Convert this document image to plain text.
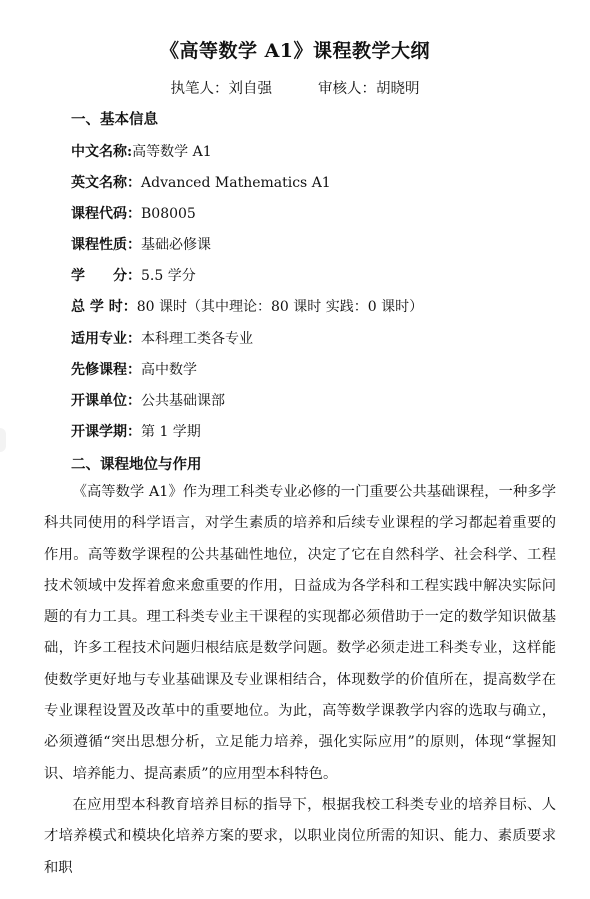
《高等数学 A1》课程教学大纲
执笔人：刘自强	审核人：胡晓明
一、基本信息
中文名称:高等数学 A1
英文名称：Advanced Mathematics A1
课程代码：B08005
课程性质：基础必修课
学　　分：5.5 学分
总 学 时：80 课时（其中理论：80 课时 实践：0 课时）
适用专业：本科理工类各专业
先修课程：高中数学
开课单位：公共基础课部
开课学期：第 1 学期
二、课程地位与作用

《高等数学 A1》作为理工科类专业必修的一门重要公共基础课程，一种多学科共同使用的科学语言，对学生素质的培养和后续专业课程的学习都起着重要的作用。高等数学课程的公共基础性地位，决定了它在自然科学、社会科学、工程技术领域中发挥着愈来愈重要的作用，日益成为各学科和工程实践中解决实际问题的有力工具。理工科类专业主干课程的实现都必须借助于一定的数学知识做基础，许多工程技术问题归根结底是数学问题。数学必须走进工科类专业，这样能使数学更好地与专业基础课及专业课相结合，体现数学的价值所在，提高数学在专业课程设置及改革中的重要地位。为此，高等数学课教学内容的选取与确立，必须遵循“突出思想分析，立足能力培养，强化实际应用”的原则，体现“掌握知识、培养能力、提高素质”的应用型本科特色。

在应用型本科教育培养目标的指导下，根据我校工科类专业的培养目标、人才培养模式和模块化培养方案的要求，以职业岗位所需的知识、能力、素质要求和职
